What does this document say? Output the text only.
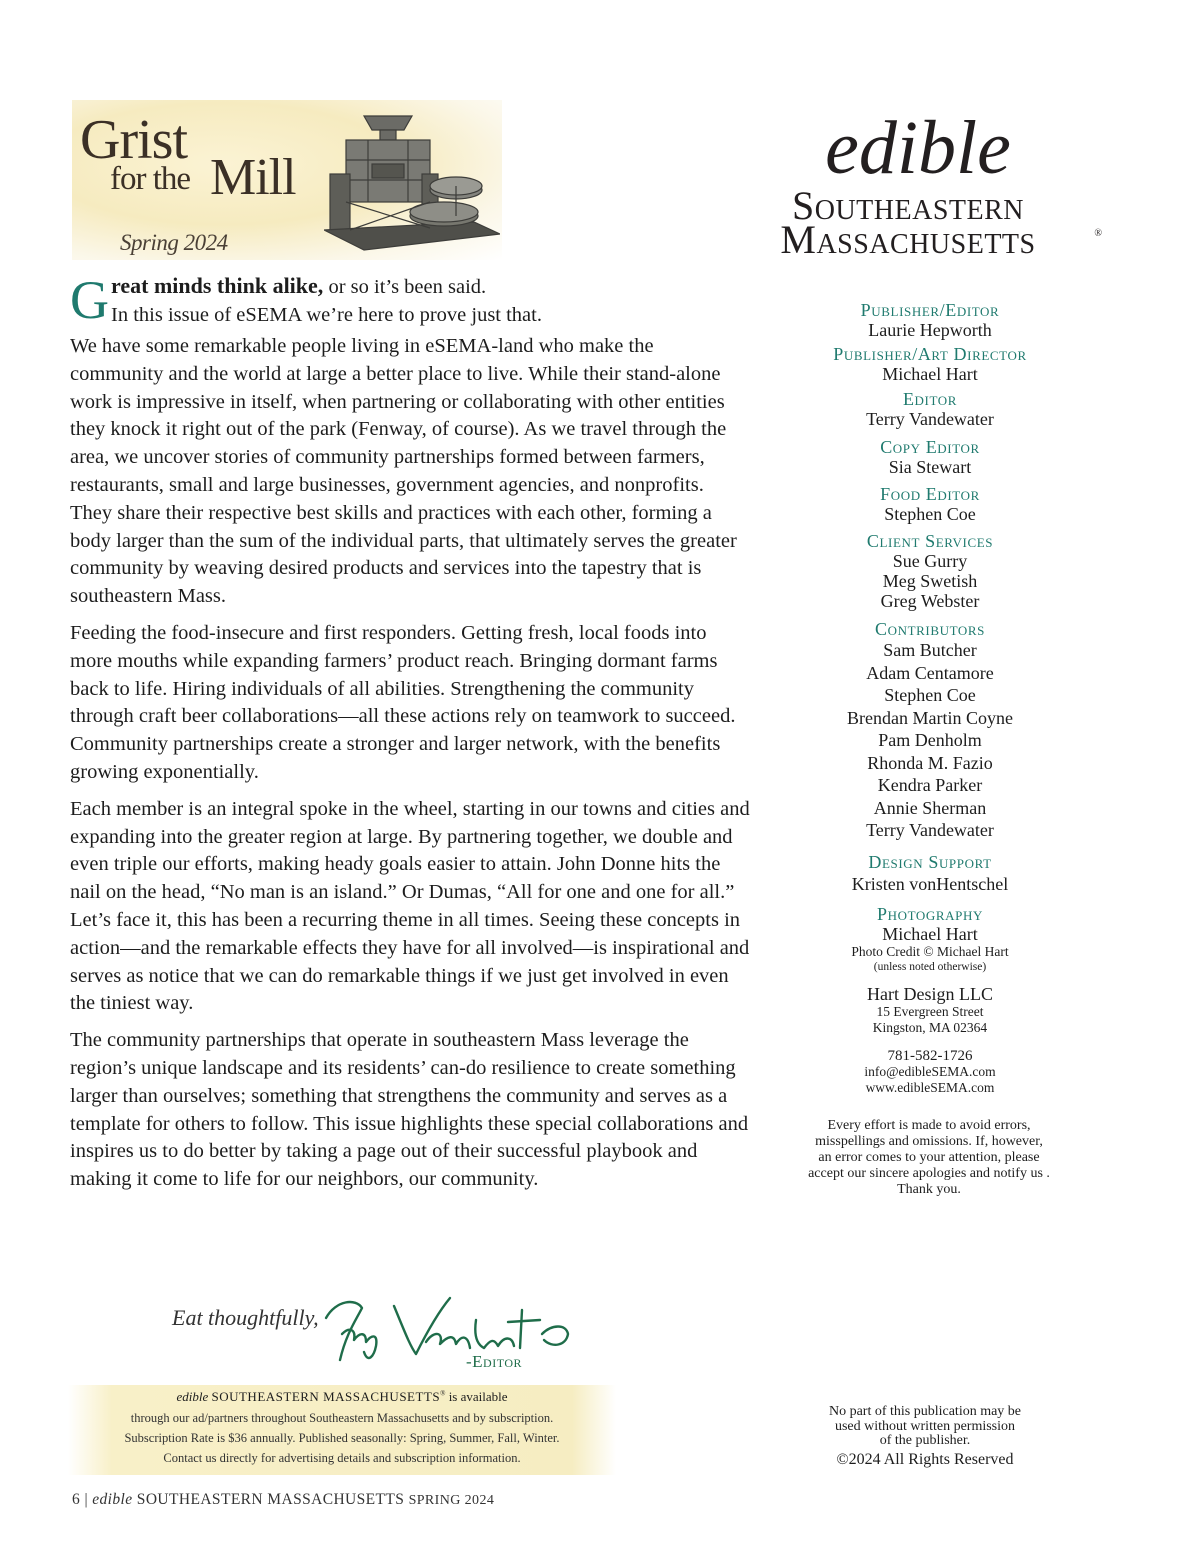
Grist
for the Mill
Spring 2024
edible
Southeastern
Massachusetts	®

Great minds think alike, or so it’s been said.
In this issue of eSEMA we’re here to prove just that.

We have some remarkable people living in eSEMA-land who make the community and the world at large a better place to live. While their stand-alone work is impressive in itself, when partnering or collaborating with other entities they knock it right out of the park (Fenway, of course). As we travel through the area, we uncover stories of community partnerships formed between farmers, restaurants, small and large businesses, government agencies, and nonprofits. They share their respective best skills and practices with each other, forming a body larger than the sum of the individual parts, that ultimately serves the greater community by weaving desired products and services into the tapestry that is southeastern Mass.

Feeding the food-insecure and first responders. Getting fresh, local foods into more mouths while expanding farmers’ product reach. Bringing dormant farms back to life. Hiring individuals of all abilities. Strengthening the community through craft beer collaborations—all these actions rely on teamwork to succeed. Community partnerships create a stronger and larger network, with the benefits growing exponentially.

Each member is an integral spoke in the wheel, starting in our towns and cities and expanding into the greater region at large. By partnering together, we double and even triple our efforts, making heady goals easier to attain. John Donne hits the nail on the head, “No man is an island.” Or Dumas, “All for one and one for all.” Let’s face it, this has been a recurring theme in all times. Seeing these concepts in action—and the remarkable effects they have for all involved—is inspirational and serves as notice that we can do remarkable things if we just get involved in even the tiniest way.

The community partnerships that operate in southeastern Mass leverage the region’s unique landscape and its residents’ can-do resilience to create something larger than ourselves; something that strengthens the community and serves as a template for others to follow. This issue highlights these special collaborations and inspires us to do better by taking a page out of their successful playbook and making it come to life for our neighbors, our community.

Eat thoughtfully,
-Editor
edible SOUTHEASTERN MASSACHUSETTS® is available
through our ad/partners throughout Southeastern Massachusetts and by subscription.
Subscription Rate is $36 annually. Published seasonally: Spring, Summer, Fall, Winter.
Contact us directly for advertising details and subscription information.
6 | edible SOUTHEASTERN MASSACHUSETTS SPRING 2024
Publisher/Editor
Laurie Hepworth
Publisher/Art Director
Michael Hart
Editor
Terry Vandewater
Copy Editor
Sia Stewart
Food Editor
Stephen Coe
Client Services
Sue Gurry
Meg Swetish
Greg Webster
Contributors
Sam Butcher
Adam Centamore
Stephen Coe
Brendan Martin Coyne
Pam Denholm
Rhonda M. Fazio
Kendra Parker
Annie Sherman
Terry Vandewater
Design Support
Kristen vonHentschel
Photography
Michael Hart
Photo Credit © Michael Hart
(unless noted otherwise)
Hart Design LLC
15 Evergreen Street
Kingston, MA 02364
781-582-1726
info@edibleSEMA.com
www.edibleSEMA.com
Every effort is made to avoid errors,
misspellings and omissions. If, however,
an error comes to your attention, please
accept our sincere apologies and notify us .
Thank you.
No part of this publication may be
used without written permission
of the publisher.
©2024 All Rights Reserved
